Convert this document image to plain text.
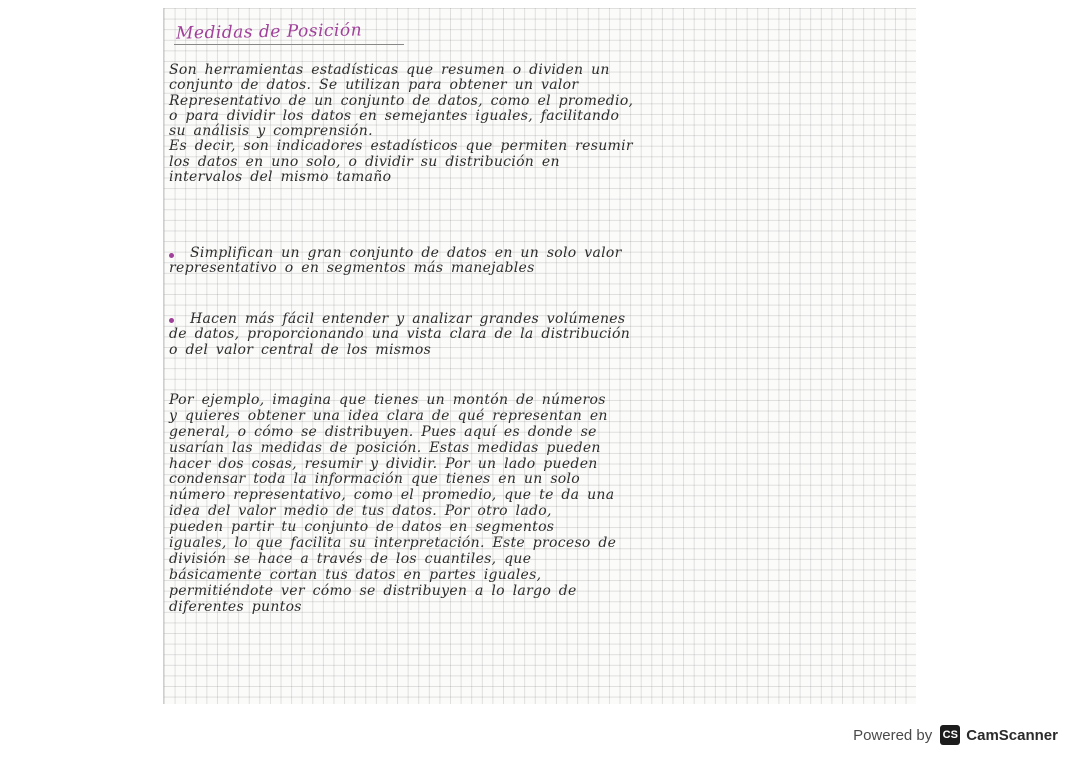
Medidas de Posición
Son herramientas estadísticas que resumen o dividen un
conjunto de datos. Se utilizan para obtener un valor
Representativo de un conjunto de datos, como el promedio,
o para dividir los datos en semejantes iguales, facilitando
su análisis y comprensión.
Es decir, son indicadores estadísticos que permiten resumir
los datos en uno solo, o dividir su distribución en
intervalos del mismo tamaño
Simplifican un gran conjunto de datos en un solo valor
representativo o en segmentos más manejables
Hacen más fácil entender y analizar grandes volúmenes
de datos, proporcionando una vista clara de la distribución
o del valor central de los mismos
Por ejemplo, imagina que tienes un montón de números
y quieres obtener una idea clara de qué representan en
general, o cómo se distribuyen. Pues aquí es donde se
usarían las medidas de posición. Estas medidas pueden
hacer dos cosas, resumir y dividir. Por un lado pueden
condensar toda la información que tienes en un solo
número representativo, como el promedio, que te da una
idea del valor medio de tus datos. Por otro lado,
pueden partir tu conjunto de datos en segmentos
iguales, lo que facilita su interpretación. Este proceso de
división se hace a través de los cuantiles, que
básicamente cortan tus datos en partes iguales,
permitiéndote ver cómo se distribuyen a lo largo de
diferentes puntos
Powered by CS CamScanner
